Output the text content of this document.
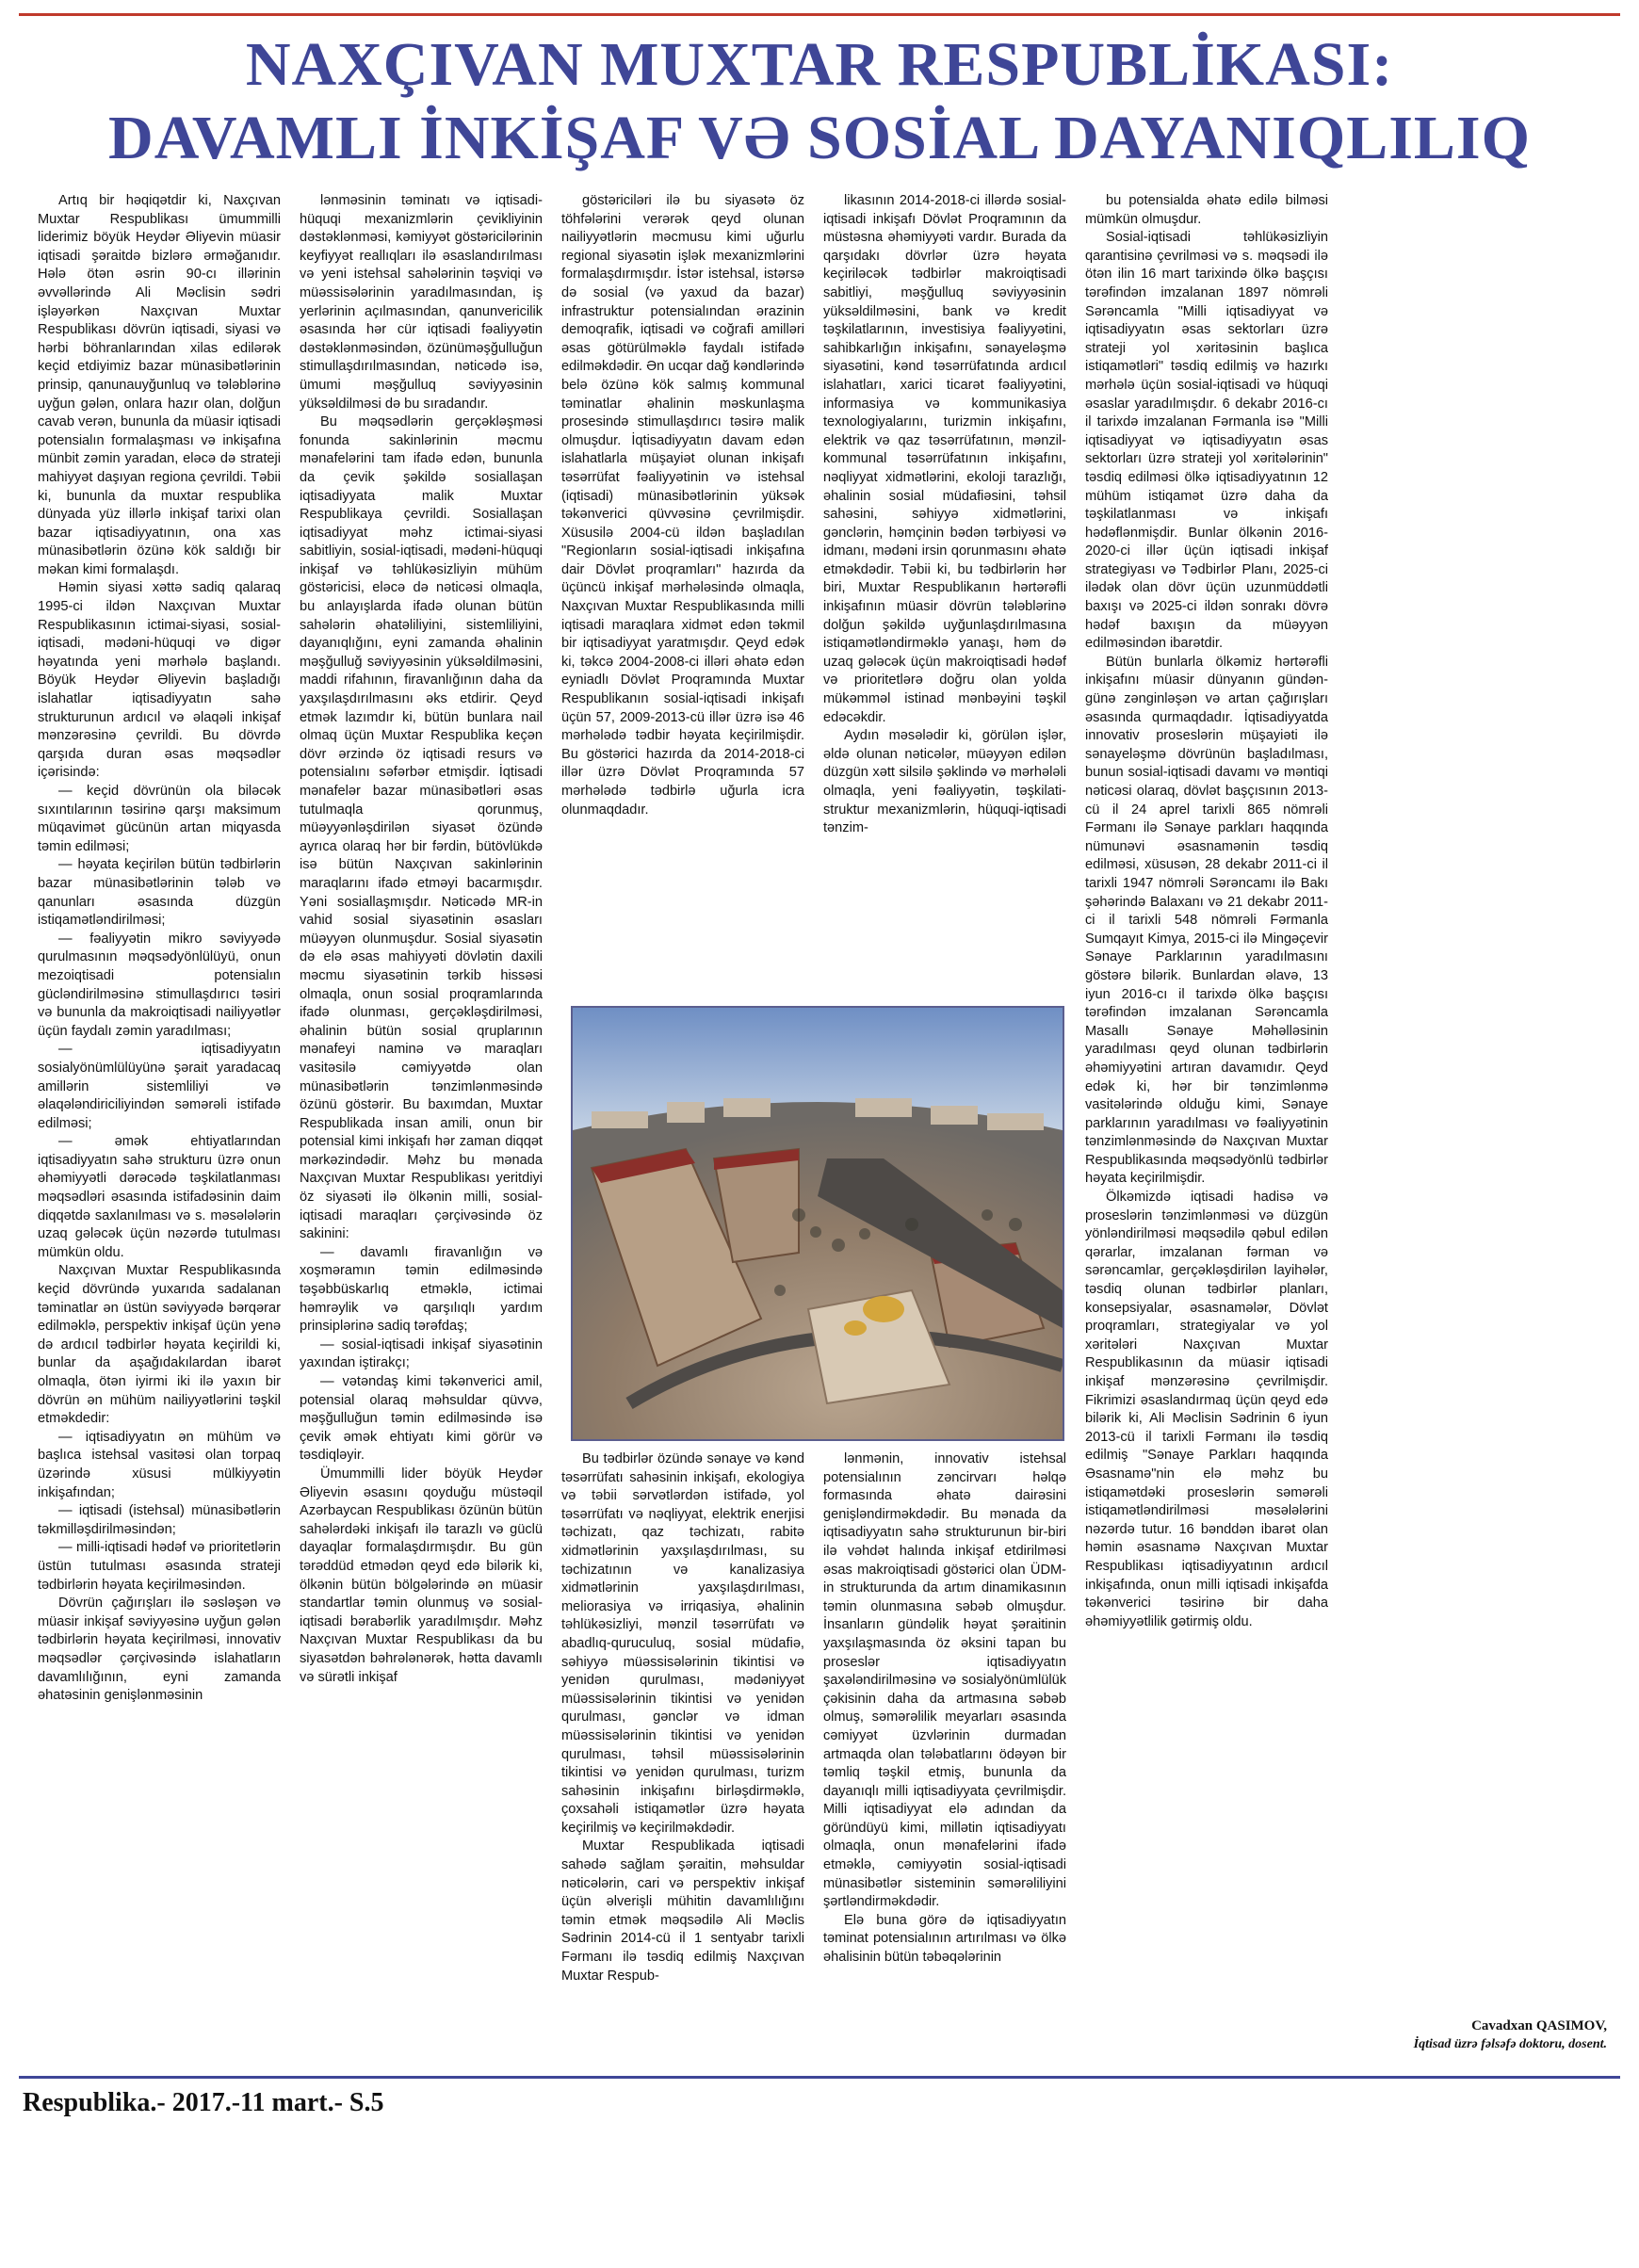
NAXÇIVAN MUXTAR RESPUBLİKASI:
DAVAMLI İNKİŞAF VƏ SOSİAL DAYANIQLILIQ

Artıq bir həqiqətdir ki, Naxçıvan Muxtar Respublikası ümummilli liderimiz böyük Heydər Əliyevin müasir iqtisadi şəraitdə bizlərə ərməğanıdır. Hələ ötən əsrin 90-cı illərinin əvvəllərində Ali Məclisin sədri işləyərkən Naxçıvan Muxtar Respublikası dövrün iqtisadi, siyasi və hərbi böhranlarından xilas edilərək keçid etdiyimiz bazar münasibətlərinin prinsip, qanunauyğunluq və tələblərinə uyğun gələn, onlara hazır olan, dolğun cavab verən, bununla da müasir iqtisadi potensialın formalaşması və inkişafına münbit zəmin yaradan, eləcə də strateji mahiyyət daşıyan regiona çevrildi. Təbii ki, bununla da muxtar respublika dünyada yüz illərlə inkişaf tarixi olan bazar iqtisadiyyatının, ona xas münasibətlərin özünə kök saldığı bir məkan kimi formalaşdı.

Həmin siyasi xəttə sadiq qalaraq 1995-ci ildən Naxçıvan Muxtar Respublikasının ictimai-siyasi, sosial-iqtisadi, mədəni-hüquqi və digər həyatında yeni mərhələ başlandı. Böyük Heydər Əliyevin başladığı islahatlar iqtisadiyyatın sahə strukturunun ardıcıl və əlaqəli inkişaf mənzərəsinə çevrildi. Bu dövrdə qarşıda duran əsas məqsədlər içərisində:

— keçid dövrünün ola biləcək sıxıntılarının təsirinə qarşı maksimum müqavimət gücünün artan miqyasda təmin edilməsi;

— həyata keçirilən bütün tədbirlərin bazar münasibətlərinin tələb və qanunları əsasında düzgün istiqamətləndirilməsi;

— fəaliyyətin mikro səviyyədə qurulmasının məqsədyönlülüyü, onun mezoiqtisadi potensialın gücləndirilməsinə stimullaşdırıcı təsiri və bununla da makroiqtisadi nailiyyətlər üçün faydalı zəmin yaradılması;

— iqtisadiyyatın sosialyönümlülüyünə şərait yaradacaq amillərin sistemliliyi və əlaqələndiriciliyindən səmərəli istifadə edilməsi;

— əmək ehtiyatlarından iqtisadiyyatın sahə strukturu üzrə onun əhəmiyyətli dərəcədə təşkilatlanması məqsədləri əsasında istifadəsinin daim diqqətdə saxlanılması və s. məsələlərin uzaq gələcək üçün nəzərdə tutulması mümkün oldu.

Naxçıvan Muxtar Respublikasında keçid dövründə yuxarıda sadalanan təminatlar ən üstün səviyyədə bərqərar edilməklə, perspektiv inkişaf üçün yenə də ardıcıl tədbirlər həyata keçirildi ki, bunlar da aşağıdakılardan ibarət olmaqla, ötən iyirmi iki ilə yaxın bir dövrün ən mühüm nailiyyətlərini təşkil etməkdedir:

— iqtisadiyyatın ən mühüm və başlıca istehsal vasitəsi olan torpaq üzərində xüsusi mülkiyyətin inkişafından;

— iqtisadi (istehsal) münasibətlərin təkmilləşdirilməsindən;

— milli-iqtisadi hədəf və prioritetlərin üstün tutulması əsasında strateji tədbirlərin həyata keçirilməsindən.

Dövrün çağırışları ilə səsləşən və müasir inkişaf səviyyəsinə uyğun gələn tədbirlərin həyata keçirilməsi, innovativ məqsədlər çərçivəsində islahatların davamlılığının, eyni zamanda əhatəsinin genişlənməsinin

lənməsinin təminatı və iqtisadi-hüquqi mexanizmlərin çevikliyinin dəstəklənməsi, kəmiyyət göstəricilərinin keyfiyyət reallıqları ilə əsaslandırılması və yeni istehsal sahələrinin təşviqi və müəssisələrinin yaradılmasından, iş yerlərinin açılmasından, qanunvericilik əsasında hər cür iqtisadi fəaliyyətin dəstəklənməsindən, özünüməşğulluğun stimullaşdırılmasından, nəticədə isə, ümumi məşğulluq səviyyəsinin yüksəldilməsi də bu sıradandır.

Bu məqsədlərin gerçəkləşməsi fonunda sakinlərinin məcmu mənafelərini tam ifadə edən, bununla da çevik şəkildə sosiallaşan iqtisadiyyata malik Muxtar Respublikaya çevrildi. Sosiallaşan iqtisadiyyat məhz ictimai-siyasi sabitliyin, sosial-iqtisadi, mədəni-hüquqi inkişaf və təhlükəsizliyin mühüm göstəricisi, eləcə də nəticəsi olmaqla, bu anlayışlarda ifadə olunan bütün sahələrin əhatəliliyini, sistemliliyini, dayanıqlığını, eyni zamanda əhalinin məşğulluğ səviyyəsinin yüksəldilməsini, maddi rifahının, firavanlığının daha da yaxşılaşdırılmasını əks etdirir. Qeyd etmək lazımdır ki, bütün bunlara nail olmaq üçün Muxtar Respublika keçən dövr ərzində öz iqtisadi resurs və potensialını səfərbər etmişdir. İqtisadi mənafelər bazar münasibətləri əsas tutulmaqla qorunmuş, müəyyənləşdirilən siyasət özündə ayrıca olaraq hər bir fərdin, bütövlükdə isə bütün Naxçıvan sakinlərinin maraqlarını ifadə etməyi bacarmışdır. Yəni sosiallaşmışdır. Nəticədə MR-in vahid sosial siyasətinin əsasları müəyyən olunmuşdur. Sosial siyasətin də elə əsas mahiyyəti dövlətin daxili məcmu siyasətinin tərkib hissəsi olmaqla, onun sosial proqramlarında ifadə olunması, gerçəkləşdirilməsi, əhalinin bütün sosial qruplarının mənafeyi naminə və maraqları vasitəsilə cəmiyyətdə olan münasibətlərin tənzimlənməsində özünü göstərir. Bu baxımdan, Muxtar Respublikada insan amili, onun bir potensial kimi inkişafı hər zaman diqqət mərkəzindədir. Məhz bu mənada Naxçıvan Muxtar Respublikası yeritdiyi öz siyasəti ilə ölkənin milli, sosial-iqtisadi maraqları çərçivəsində öz sakinini:

— davamlı firavanlığın və xoşməramın təmin edilməsində təşəbbüskarlıq etməklə, ictimai həmrəylik və qarşılıqlı yardım prinsiplərinə sadiq tərəfdaş;

— sosial-iqtisadi inkişaf siyasətinin yaxından iştirakçı;

— vətəndaş kimi təkənverici amil, potensial olaraq məhsuldar qüvvə, məşğulluğun təmin edilməsində isə çevik əmək ehtiyatı kimi görür və təsdiqləyir.

Ümummilli lider böyük Heydər Əliyevin əsasını qoyduğu müstəqil Azərbaycan Respublikası özünün bütün sahələrdəki inkişafı ilə tarazlı və güclü dayaqlar formalaşdırmışdır. Bu gün tərəddüd etmədən qeyd edə bilərik ki, ölkənin bütün bölgələrində ən müasir standartlar təmin olunmuş və sosial-iqtisadi bərabərlik yaradılmışdır. Məhz Naxçıvan Muxtar Respublikası da bu siyasətdən bəhrələnərək, hətta davamlı və sürətli inkişaf

göstəriciləri ilə bu siyasətə öz töhfələrini verərək qeyd olunan nailiyyətlərin məcmusu kimi uğurlu regional siyasətin işlək mexanizmlərini formalaşdırmışdır. İstər istehsal, istərsə də sosial (və yaxud da bazar) infrastruktur potensialından ərazinin demoqrafik, iqtisadi və coğrafi amilləri əsas götürülməklə faydalı istifadə edilməkdədir. Ən ucqar dağ kəndlərində belə özünə kök salmış kommunal təminatlar əhalinin məskunlaşma prosesində stimullaşdırıcı təsirə malik olmuşdur. İqtisadiyyatın davam edən islahatlarla müşayiət olunan inkişafı təsərrüfat fəaliyyətinin və istehsal (iqtisadi) münasibətlərinin yüksək təkənverici qüvvəsinə çevrilmişdir. Xüsusilə 2004-cü ildən başladılan "Regionların sosial-iqtisadi inkişafına dair Dövlət proqramları" hazırda da üçüncü inkişaf mərhələsində olmaqla, Naxçıvan Muxtar Respublikasında milli iqtisadi maraqlara xidmət edən təkmil bir iqtisadiyyat yaratmışdır. Qeyd edək ki, təkcə 2004-2008-ci illəri əhatə edən eyniadlı Dövlət Proqramında Muxtar Respublikanın sosial-iqtisadi inkişafı üçün 57, 2009-2013-cü illər üzrə isə 46 mərhələdə tədbir həyata keçirilmişdir. Bu göstərici hazırda da 2014-2018-ci illər üzrə Dövlət Proqramında 57 mərhələdə tədbirlə uğurla icra olunmaqdadır.

likasının 2014-2018-ci illərdə sosial-iqtisadi inkişafı Dövlət Proqramının da müstəsna əhəmiyyəti vardır. Burada da qarşıdakı dövrlər üzrə həyata keçiriləcək tədbirlər makroiqtisadi sabitliyi, məşğulluq səviyyəsinin yüksəldilməsini, bank və kredit təşkilatlarının, investisiya fəaliyyətini, sahibkarlığın inkişafını, sənayeləşmə siyasətini, kənd təsərrüfatında ardıcıl islahatları, xarici ticarət fəaliyyətini, informasiya və kommunikasiya texnologiyalarını, turizmin inkişafını, elektrik və qaz təsərrüfatının, mənzil-kommunal təsərrüfatının inkişafını, nəqliyyat xidmətlərini, ekoloji tarazlığı, əhalinin sosial müdafiəsini, təhsil sahəsini, səhiyyə xidmətlərini, gənclərin, həmçinin bədən tərbiyəsi və idmanı, mədəni irsin qorunmasını əhatə etməkdədir. Təbii ki, bu tədbirlərin hər biri, Muxtar Respublikanın hərtərəfli inkişafının müasir dövrün tələblərinə dolğun şəkildə uyğunlaşdırılmasına istiqamətləndirməklə yanaşı, həm də uzaq gələcək üçün makroiqtisadi hədəf və prioritetlərə doğru olan yolda mükəmməl istinad mənbəyini təşkil edəcəkdir.

Aydın məsələdir ki, görülən işlər, əldə olunan nəticələr, müəyyən edilən düzgün xətt silsilə şəklində və mərhələli olmaqla, yeni fəaliyyətin, təşkilati-struktur mexanizmlərin, hüquqi-iqtisadi tənzim-

bu potensialda əhatə edilə bilməsi mümkün olmuşdur.

Sosial-iqtisadi təhlükəsizliyin qarantisinə çevrilməsi və s. məqsədi ilə ötən ilin 16 mart tarixində ölkə başçısı tərəfindən imzalanan 1897 nömrəli Sərəncamla "Milli iqtisadiyyat və iqtisadiyyatın əsas sektorları üzrə strateji yol xəritəsinin başlıca istiqamətləri" təsdiq edilmiş və hazırkı mərhələ üçün sosial-iqtisadi və hüquqi əsaslar yaradılmışdır. 6 dekabr 2016-cı il tarixdə imzalanan Fərmanla isə "Milli iqtisadiyyat və iqtisadiyyatın əsas sektorları üzrə strateji yol xəritələrinin" təsdiq edilməsi ölkə iqtisadiyyatının 12 mühüm istiqamət üzrə daha da təşkilatlanması və inkişafı hədəflənmişdir. Bunlar ölkənin 2016-2020-ci illər üçün iqtisadi inkişaf strategiyası və Tədbirlər Planı, 2025-ci ilədək olan dövr üçün uzunmüddətli baxışı və 2025-ci ildən sonrakı dövrə hədəf baxışın da müəyyən edilməsindən ibarətdir.

Bütün bunlarla ölkəmiz hərtərəfli inkişafını müasir dünyanın gündən-günə zənginləşən və artan çağırışları əsasında qurmaqdadır. İqtisadiyyatda innovativ proseslərin müşayiəti ilə sənayeləşmə dövrünün başladılması, bunun sosial-iqtisadi davamı və məntiqi nəticəsi olaraq, dövlət başçısının 2013-cü il 24 aprel tarixli 865 nömrəli Fərmanı ilə Sənaye parkları haqqında nümunəvi əsasnamənin təsdiq edilməsi, xüsusən, 28 dekabr 2011-ci il tarixli 1947 nömrəli Sərəncamı ilə Bakı şəhərində Balaxanı və 21 dekabr 2011-ci il tarixli 548 nömrəli Fərmanla Sumqayıt Kimya, 2015-ci ilə Mingəçevir Sənaye Parklarının yaradılmasını göstərə bilərik. Bunlardan əlavə, 13 iyun 2016-cı il tarixdə ölkə başçısı tərəfindən imzalanan Sərəncamla Masallı Sənaye Məhəlləsinin yaradılması qeyd olunan tədbirlərin əhəmiyyətini artıran davamıdır. Qeyd edək ki, hər bir tənzimlənmə vasitələrində olduğu kimi, Sənaye parklarının yaradılması və fəaliyyətinin tənzimlənməsində də Naxçıvan Muxtar Respublikasında məqsədyönlü tədbirlər həyata keçirilmişdir.

Ölkəmizdə iqtisadi hadisə və proseslərin tənzimlənməsi və düzgün yönləndirilməsi məqsədilə qəbul edilən qərarlar, imzalanan fərman və sərəncamlar, gerçəkləşdirilən layihələr, təsdiq olunan tədbirlər planları, konsepsiyalar, əsasnamələr, Dövlət proqramları, strategiyalar və yol xəritələri Naxçıvan Muxtar Respublikasının da müasir iqtisadi inkişaf mənzərəsinə çevrilmişdir. Fikrimizi əsaslandırmaq üçün qeyd edə bilərik ki, Ali Məclisin Sədrinin 6 iyun 2013-cü il tarixli Fərmanı ilə təsdiq edilmiş "Sənaye Parkları haqqında Əsasnamə"nin elə məhz bu istiqamətdəki proseslərin səmərəli istiqamətləndirilməsi məsələlərini nəzərdə tutur. 16 bənddən ibarət olan həmin əsasnamə Naxçıvan Muxtar Respublikası iqtisadiyyatının ardıcıl inkişafında, onun milli iqtisadi inkişafda təkənverici təsirinə bir daha əhəmiyyətlilik gətirmiş oldu.

Bu tədbirlər özündə sənaye və kənd təsərrüfatı sahəsinin inkişafı, ekologiya və təbii sərvətlərdən istifadə, yol təsərrüfatı və nəqliyyat, elektrik enerjisi təchizatı, qaz təchizatı, rabitə xidmətlərinin yaxşılaşdırılması, su təchizatının və kanalizasiya xidmətlərinin yaxşılaşdırılması, meliorasiya və irriqasiya, əhalinin təhlükəsizliyi, mənzil təsərrüfatı və abadlıq-quruculuq, sosial müdafiə, səhiyyə müəssisələrinin tikintisi və yenidən qurulması, mədəniyyət müəssisələrinin tikintisi və yenidən qurulması, gənclər və idman müəssisələrinin tikintisi və yenidən qurulması, təhsil müəssisələrinin tikintisi və yenidən qurulması, turizm sahəsinin inkişafını birləşdirməklə, çoxsahəli istiqamətlər üzrə həyata keçirilmiş və keçirilməkdədir.

Muxtar Respublikada iqtisadi sahədə sağlam şəraitin, məhsuldar nəticələrin, cari və perspektiv inkişaf üçün əlverişli mühitin davamlılığını təmin etmək məqsədilə Ali Məclis Sədrinin 2014-cü il 1 sentyabr tarixli Fərmanı ilə təsdiq edilmiş Naxçıvan Muxtar Respub-

lənmənin, innovativ istehsal potensialının zəncirvarı həlqə formasında əhatə dairəsini genişləndirməkdədir. Bu mənada da iqtisadiyyatın sahə strukturunun bir-biri ilə vəhdət halında inkişaf etdirilməsi əsas makroiqtisadi göstərici olan ÜDM-in strukturunda da artım dinamikasının təmin olunmasına səbəb olmuşdur. İnsanların gündəlik həyat şəraitinin yaxşılaşmasında öz əksini tapan bu proseslər iqtisadiyyatın şaxələndirilməsinə və sosialyönümlülük çəkisinin daha da artmasına səbəb olmuş, səmərəlilik meyarları əsasında cəmiyyət üzvlərinin durmadan artmaqda olan tələbatlarını ödəyən bir təmliq təşkil etmiş, bununla da dayanıqlı milli iqtisadiyyata çevrilmişdir. Milli iqtisadiyyat elə adından da göründüyü kimi, millətin iqtisadiyyatı olmaqla, onun mənafelərini ifadə etməklə, cəmiyyətin sosial-iqtisadi münasibətlər sisteminin səmərəliliyini şərtləndirməkdədir.

Elə buna görə də iqtisadiyyatın təminat potensialının artırılması və ölkə əhalisinin bütün təbəqələrinin

Cavadxan QASIMOV,
İqtisad üzrə fəlsəfə doktoru, dosent.
Respublika.- 2017.-11 mart.- S.5
